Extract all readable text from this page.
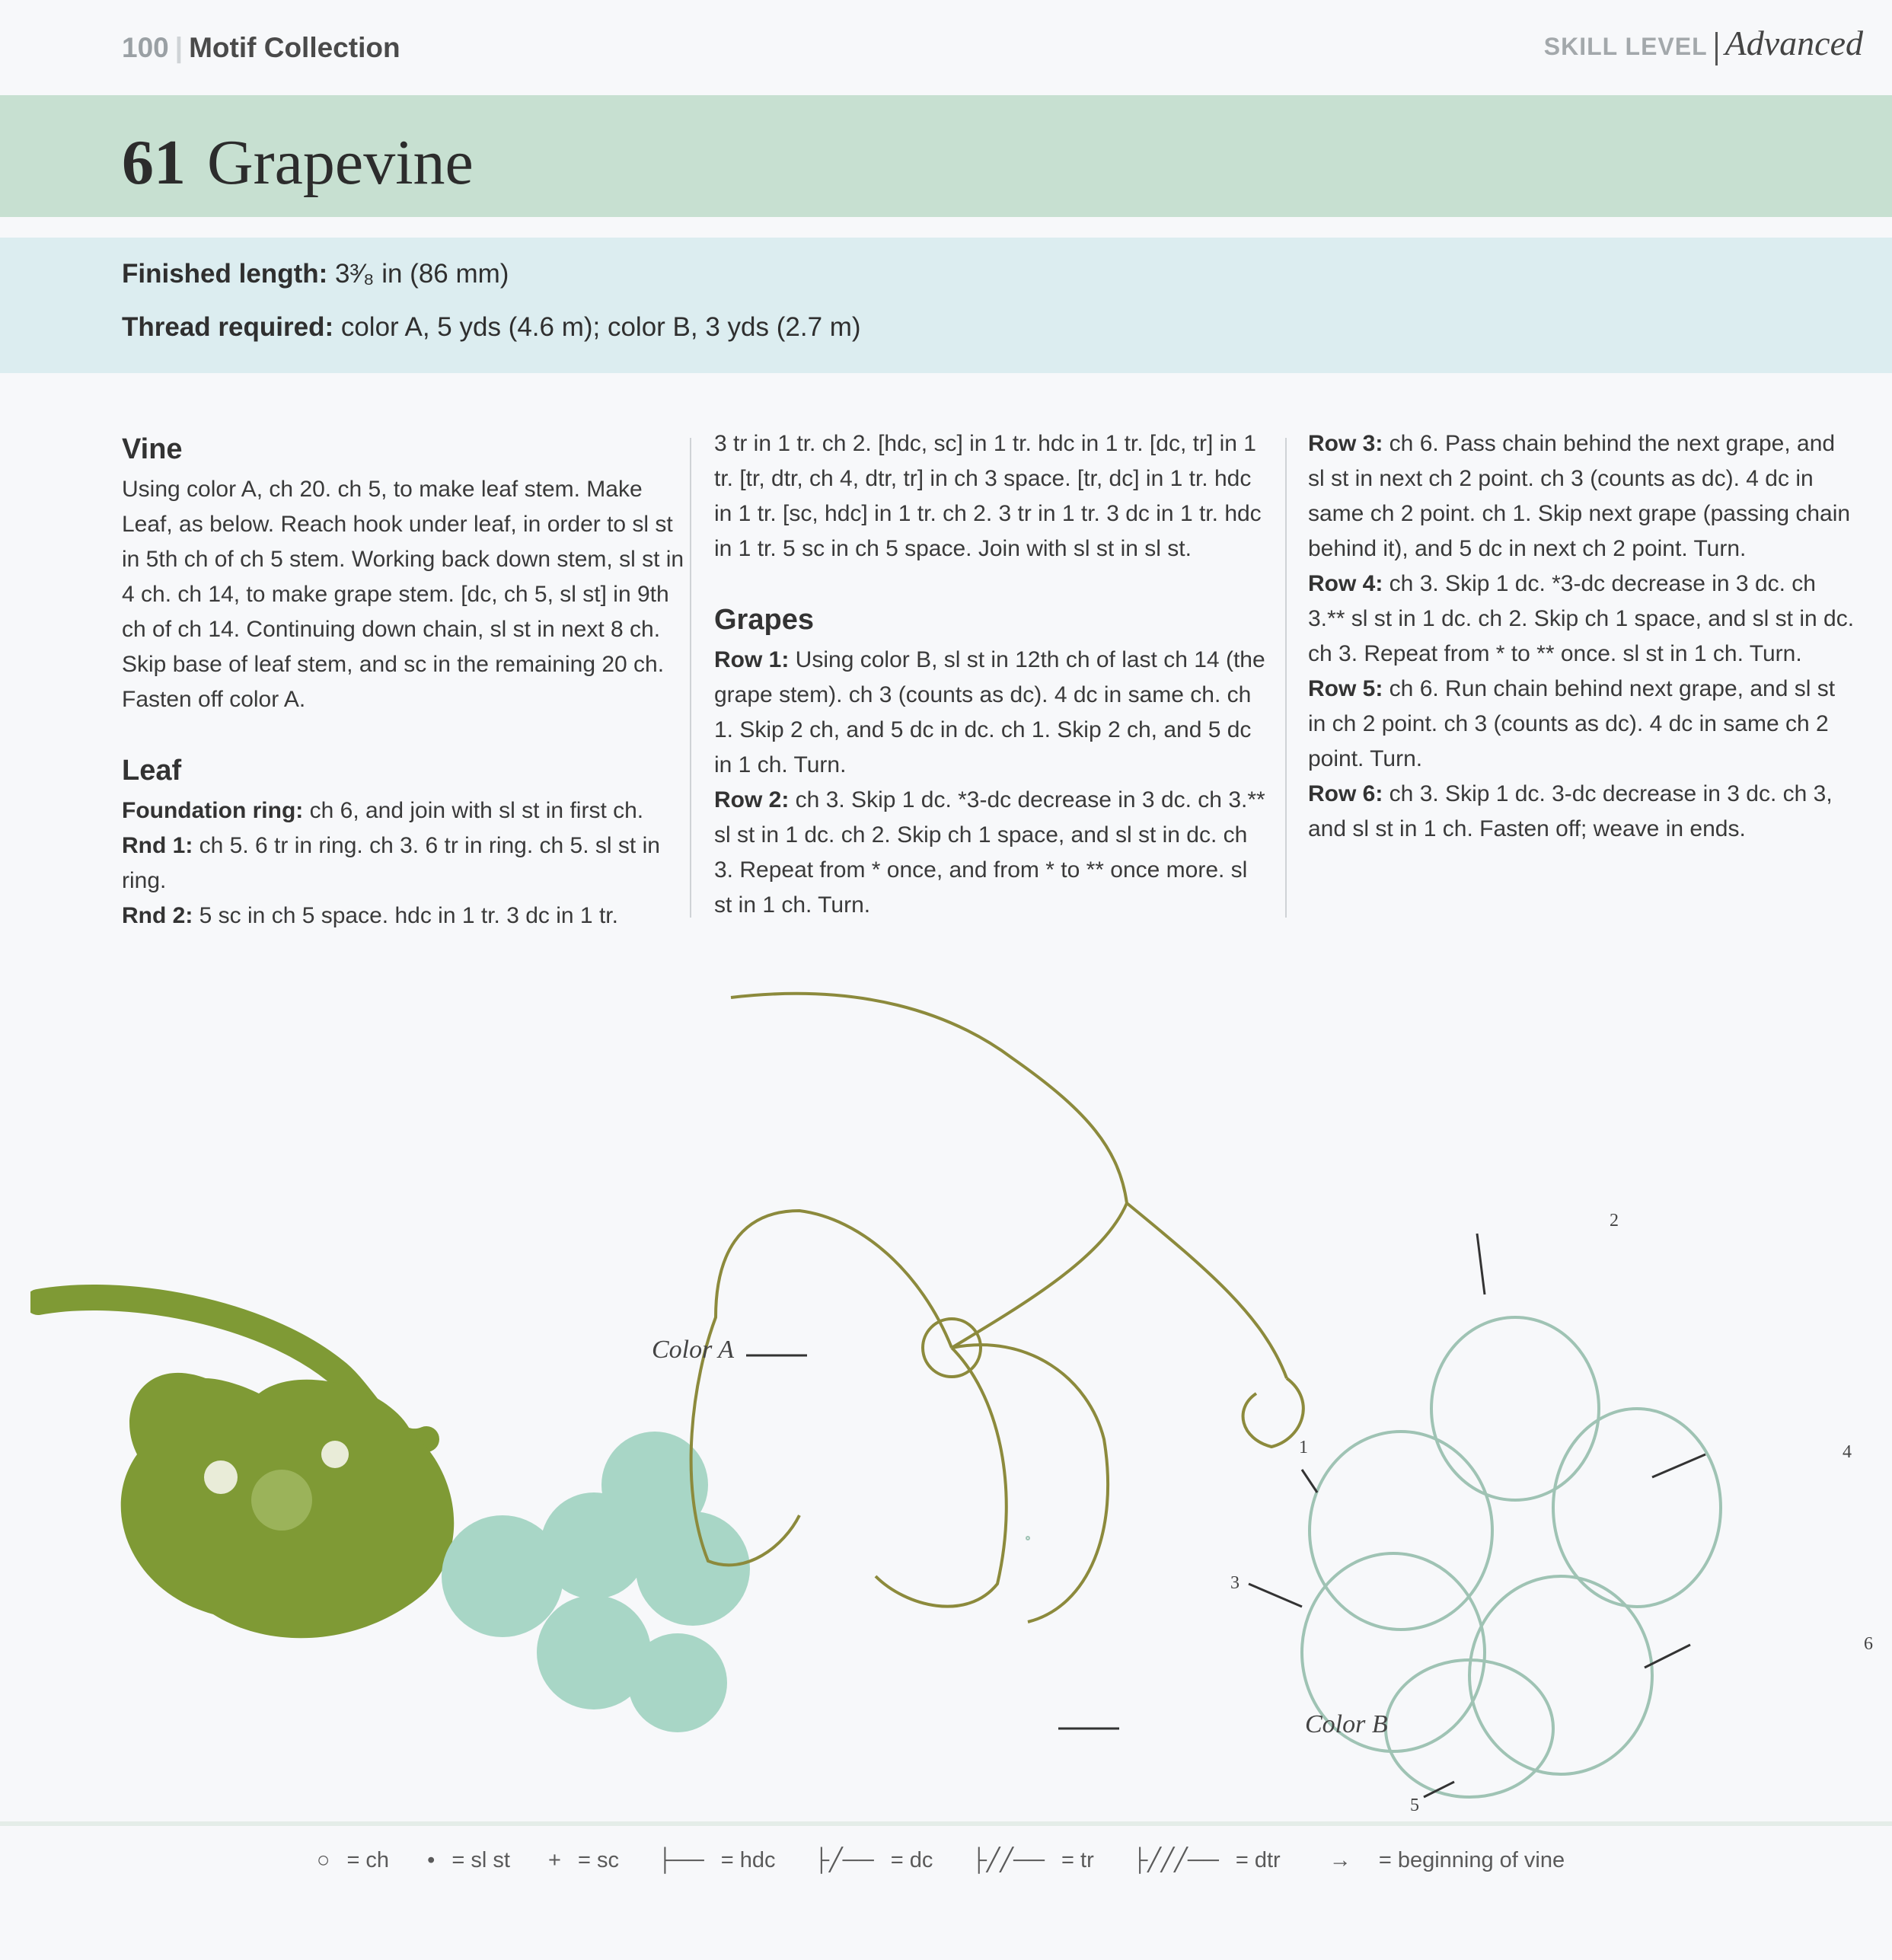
100 | Motif Collection	SKILL LEVEL Advanced
61 Grapevine
Finished length: 3³⁄₈ in (86 mm)
Thread required: color A, 5 yds (4.6 m); color B, 3 yds (2.7 m)
Vine

Using color A, ch 20. ch 5, to make leaf stem. Make Leaf, as below. Reach hook under leaf, in order to sl st in 5th ch of ch 5 stem. Working back down stem, sl st in 4 ch. ch 14, to make grape stem. [dc, ch 5, sl st] in 9th ch of ch 14. Continuing down chain, sl st in next 8 ch. Skip base of leaf stem, and sc in the remaining 20 ch. Fasten off color A.

Leaf

Foundation ring: ch 6, and join with sl st in first ch.

Rnd 1: ch 5. 6 tr in ring. ch 3. 6 tr in ring. ch 5. sl st in ring.

Rnd 2: 5 sc in ch 5 space. hdc in 1 tr. 3 dc in 1 tr.

3 tr in 1 tr. ch 2. [hdc, sc] in 1 tr. hdc in 1 tr. [dc, tr] in 1 tr. [tr, dtr, ch 4, dtr, tr] in ch 3 space. [tr, dc] in 1 tr. hdc in 1 tr. [sc, hdc] in 1 tr. ch 2. 3 tr in 1 tr. 3 dc in 1 tr. hdc in 1 tr. 5 sc in ch 5 space. Join with sl st in sl st.

Grapes

Row 1: Using color B, sl st in 12th ch of last ch 14 (the grape stem). ch 3 (counts as dc). 4 dc in same ch. ch 1. Skip 2 ch, and 5 dc in dc. ch 1. Skip 2 ch, and 5 dc in 1 ch. Turn.

Row 2: ch 3. Skip 1 dc. *3-dc decrease in 3 dc. ch 3.** sl st in 1 dc. ch 2. Skip ch 1 space, and sl st in dc. ch 3. Repeat from * once, and from * to ** once more. sl st in 1 ch. Turn.

Row 3: ch 6. Pass chain behind the next grape, and sl st in next ch 2 point. ch 3 (counts as dc). 4 dc in same ch 2 point. ch 1. Skip next grape (passing chain behind it), and 5 dc in next ch 2 point. Turn.

Row 4: ch 3. Skip 1 dc. *3-dc decrease in 3 dc. ch 3.** sl st in 1 dc. ch 2. Skip ch 1 space, and sl st in dc. ch 3. Repeat from * to ** once. sl st in 1 ch. Turn.

Row 5: ch 6. Run chain behind next grape, and sl st in ch 2 point. ch 3 (counts as dc). 4 dc in same ch 2 point. Turn.

Row 6: ch 3. Skip 1 dc. 3-dc decrease in 3 dc. ch 3, and sl st in 1 ch. Fasten off; weave in ends.

Color A
Color B
1
2
3
4
5
6
○ = ch • = sl st + = sc ├── = hdc ├╱── = dc ├╱╱── = tr ├╱╱╱── = dtr → = beginning of vine
